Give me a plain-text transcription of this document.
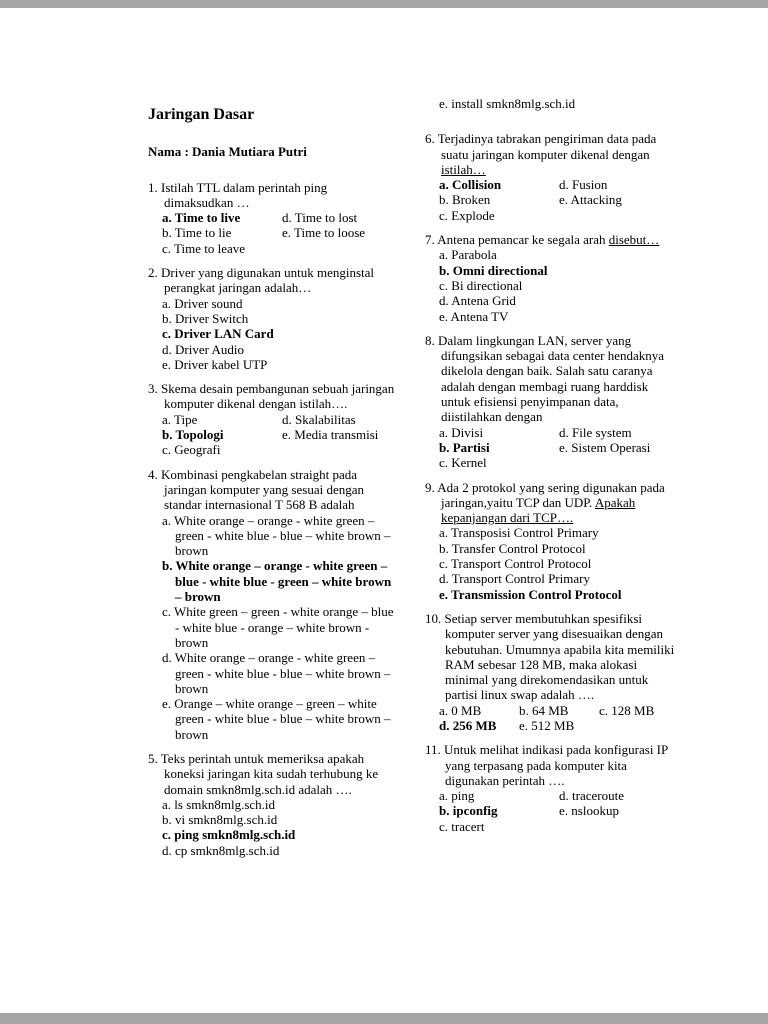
Jaringan Dasar
Nama : Dania Mutiara Putri
1. Istilah TTL dalam perintah ping dimaksudkan …
a. Time to live	d. Time to lost
b. Time to lie	e. Time to loose
c. Time to leave
2. Driver yang digunakan untuk menginstal perangkat jaringan adalah…
a. Driver sound
b. Driver Switch
c. Driver LAN Card
d. Driver Audio
e. Driver kabel UTP
3. Skema desain pembangunan sebuah jaringan komputer dikenal dengan istilah….
a. Tipe	d. Skalabilitas
b. Topologi	e. Media transmisi
c. Geografi
4. Kombinasi pengkabelan straight pada jaringan komputer yang sesuai dengan standar internasional T 568 B adalah
a. White orange – orange - white green – green - white blue - blue – white brown – brown
b. White orange – orange - white green – blue - white blue - green – white brown – brown
c. White green – green - white orange – blue - white blue - orange – white brown - brown
d. White orange – orange - white green – green - white blue - blue – white brown – brown
e. Orange – white orange – green – white green - white blue - blue – white brown –brown
5. Teks perintah untuk memeriksa apakah koneksi jaringan kita sudah terhubung ke domain smkn8mlg.sch.id adalah ….
a. ls smkn8mlg.sch.id
b. vi smkn8mlg.sch.id
c. ping smkn8mlg.sch.id
d. cp smkn8mlg.sch.id
e. install smkn8mlg.sch.id
6. Terjadinya tabrakan pengiriman data pada suatu jaringan komputer dikenal dengan istilah…
a. Collision	d. Fusion
b. Broken	e. Attacking
c. Explode
7. Antena pemancar ke segala arah disebut…
a. Parabola
b. Omni directional
c. Bi directional
d. Antena Grid
e. Antena TV
8. Dalam lingkungan LAN, server yang difungsikan sebagai data center hendaknya dikelola dengan baik. Salah satu caranya adalah dengan membagi ruang harddisk untuk efisiensi penyimpanan data, diistilahkan dengan
a. Divisi	d. File system
b. Partisi	e. Sistem Operasi
c. Kernel
9. Ada 2 protokol yang sering digunakan pada jaringan,yaitu TCP dan UDP. Apakah kepanjangan dari TCP….
a. Transposisi Control Primary
b. Transfer Control Protocol
c. Transport Control Protocol
d. Transport Control Primary
e. Transmission Control Protocol
10. Setiap server membutuhkan spesifiksi komputer server yang disesuaikan dengan kebutuhan. Umumnya apabila kita memiliki RAM sebesar 128 MB, maka alokasi minimal yang direkomendasikan untuk partisi linux swap adalah ….
a. 0 MB	b. 64 MB	c. 128 MB
d. 256 MB	e. 512 MB
11. Untuk melihat indikasi pada konfigurasi IP yang terpasang pada komputer kita digunakan perintah ….
a. ping	d. traceroute
b. ipconfig	e. nslookup
c. tracert
